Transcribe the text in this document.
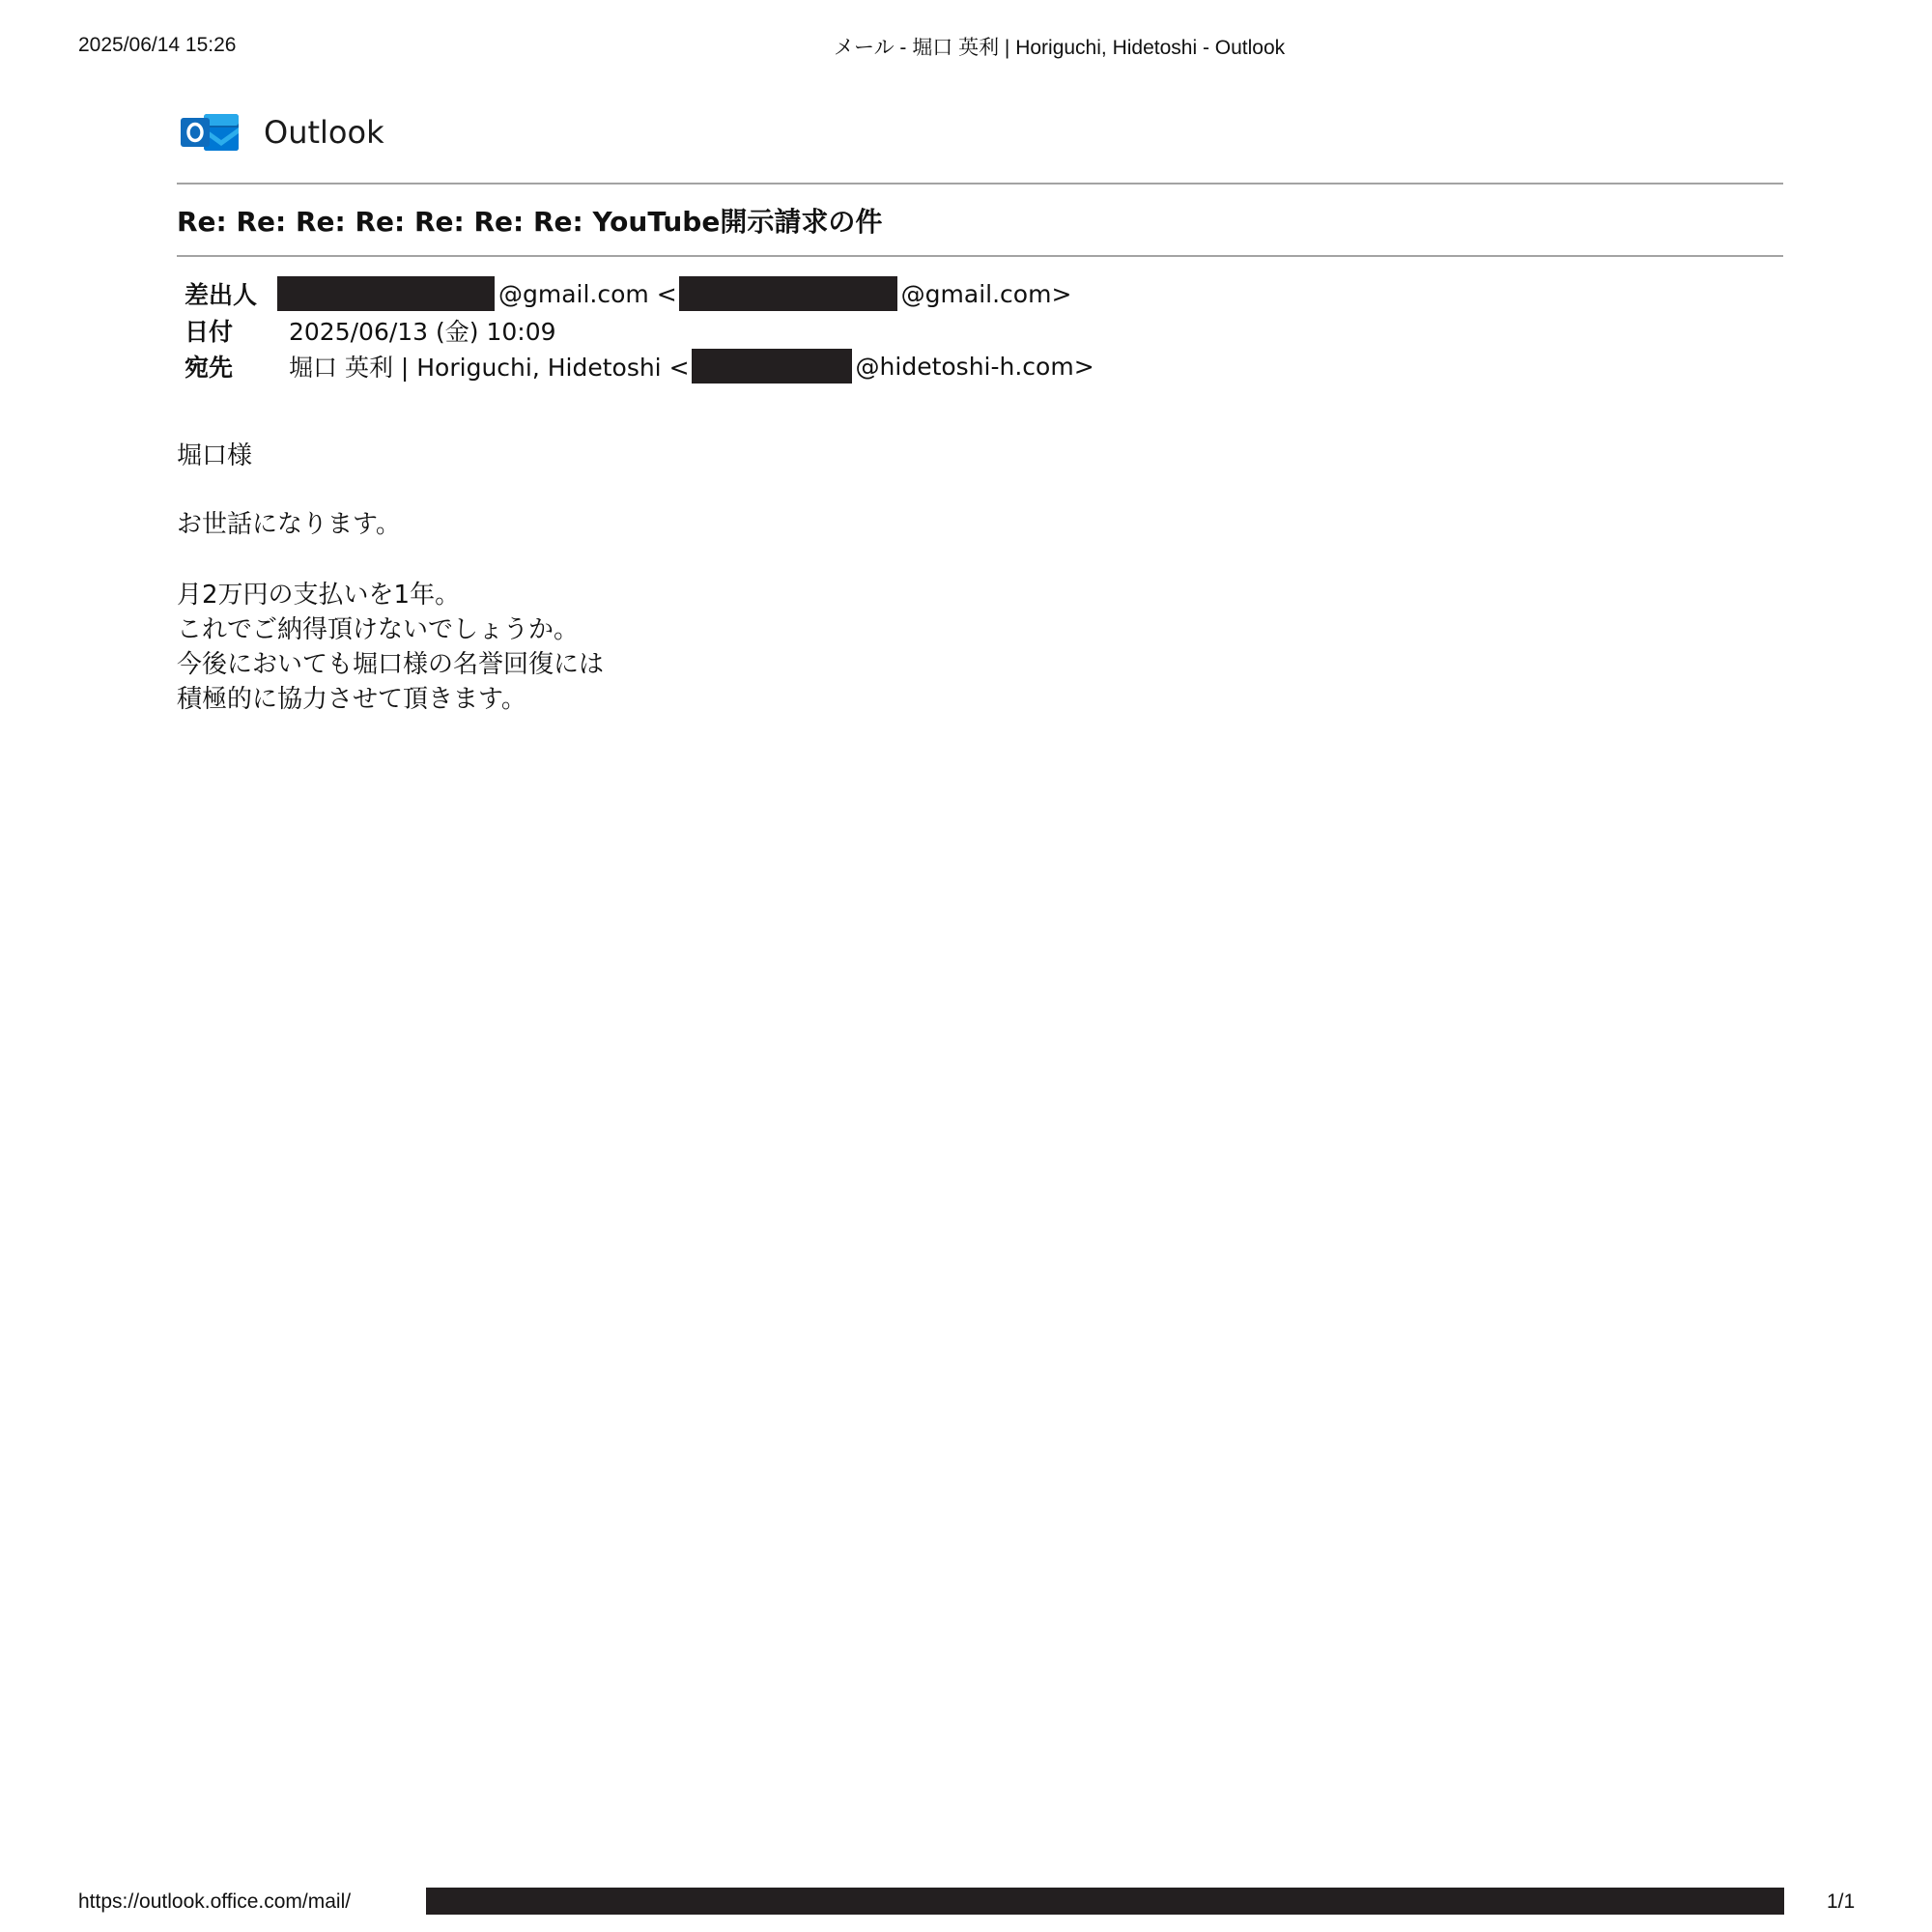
2025/06/14 15:26	メール - 堀口 英利 | Horiguchi, Hidetoshi - Outlook
Outlook
Re: Re: Re: Re: Re: Re: Re: YouTube開示請求の件
差出人	@gmail.com <	@gmail.com>
日付	2025/06/13 (金) 10:09
宛先	堀口 英利 | Horiguchi, Hidetoshi <	@hidetoshi-h.com>
堀口様
お世話になります。
月2万円の支払いを1年。
これでご納得頂けないでしょうか。
今後においても堀口様の名誉回復には
積極的に協力させて頂きます。
https://outlook.office.com/mail/	1/1
